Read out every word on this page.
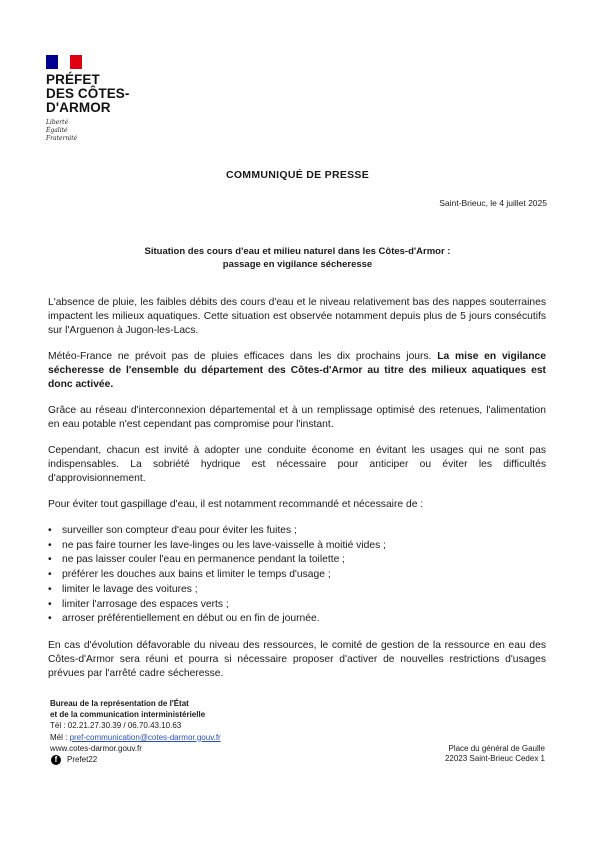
PRÉFET
DES CÔTES-
D'ARMOR
Liberté
Égalité
Fraternité
COMMUNIQUÉ DE PRESSE
Saint-Brieuc, le 4 juillet 2025
Situation des cours d'eau et milieu naturel dans les Côtes-d'Armor :
passage en vigilance sécheresse

L'absence de pluie, les faibles débits des cours d'eau et le niveau relativement bas des nappes souterraines impactent les milieux aquatiques. Cette situation est observée notamment depuis plus de 5 jours consécutifs sur l'Arguenon à Jugon-les-Lacs.

Météo-France ne prévoit pas de pluies efficaces dans les dix prochains jours. La mise en vigilance sécheresse de l'ensemble du département des Côtes-d'Armor au titre des milieux aquatiques est donc activée.

Grâce au réseau d'interconnexion départemental et à un remplissage optimisé des retenues, l'alimentation en eau potable n'est cependant pas compromise pour l'instant.

Cependant, chacun est invité à adopter une conduite économe en évitant les usages qui ne sont pas indispensables. La sobriété hydrique est nécessaire pour anticiper ou éviter les difficultés d'approvisionnement.

Pour éviter tout gaspillage d'eau, il est notamment recommandé et nécessaire de :

• surveiller son compteur d'eau pour éviter les fuites ;
• ne pas faire tourner les lave-linges ou les lave-vaisselle à moitié vides ;
• ne pas laisser couler l'eau en permanence pendant la toilette ;
• préférer les douches aux bains et limiter le temps d'usage ;
• limiter le lavage des voitures ;
• limiter l'arrosage des espaces verts ;
• arroser préférentiellement en début ou en fin de journée.

En cas d'évolution défavorable du niveau des ressources, le comité de gestion de la ressource en eau des Côtes-d'Armor sera réuni et pourra si nécessaire proposer d'activer de nouvelles restrictions d'usages prévues par l'arrêté cadre sécheresse.

Bureau de la représentation de l'État
et de la communication interministérielle
Tél : 02.21.27.30.39 / 06.70.43.10.63
Mél : pref-communication@cotes-darmor.gouv.fr
www.cotes-darmor.gouv.fr
f	Prefet22
Place du général de Gaulle
22023 Saint-Brieuc Cedex 1
